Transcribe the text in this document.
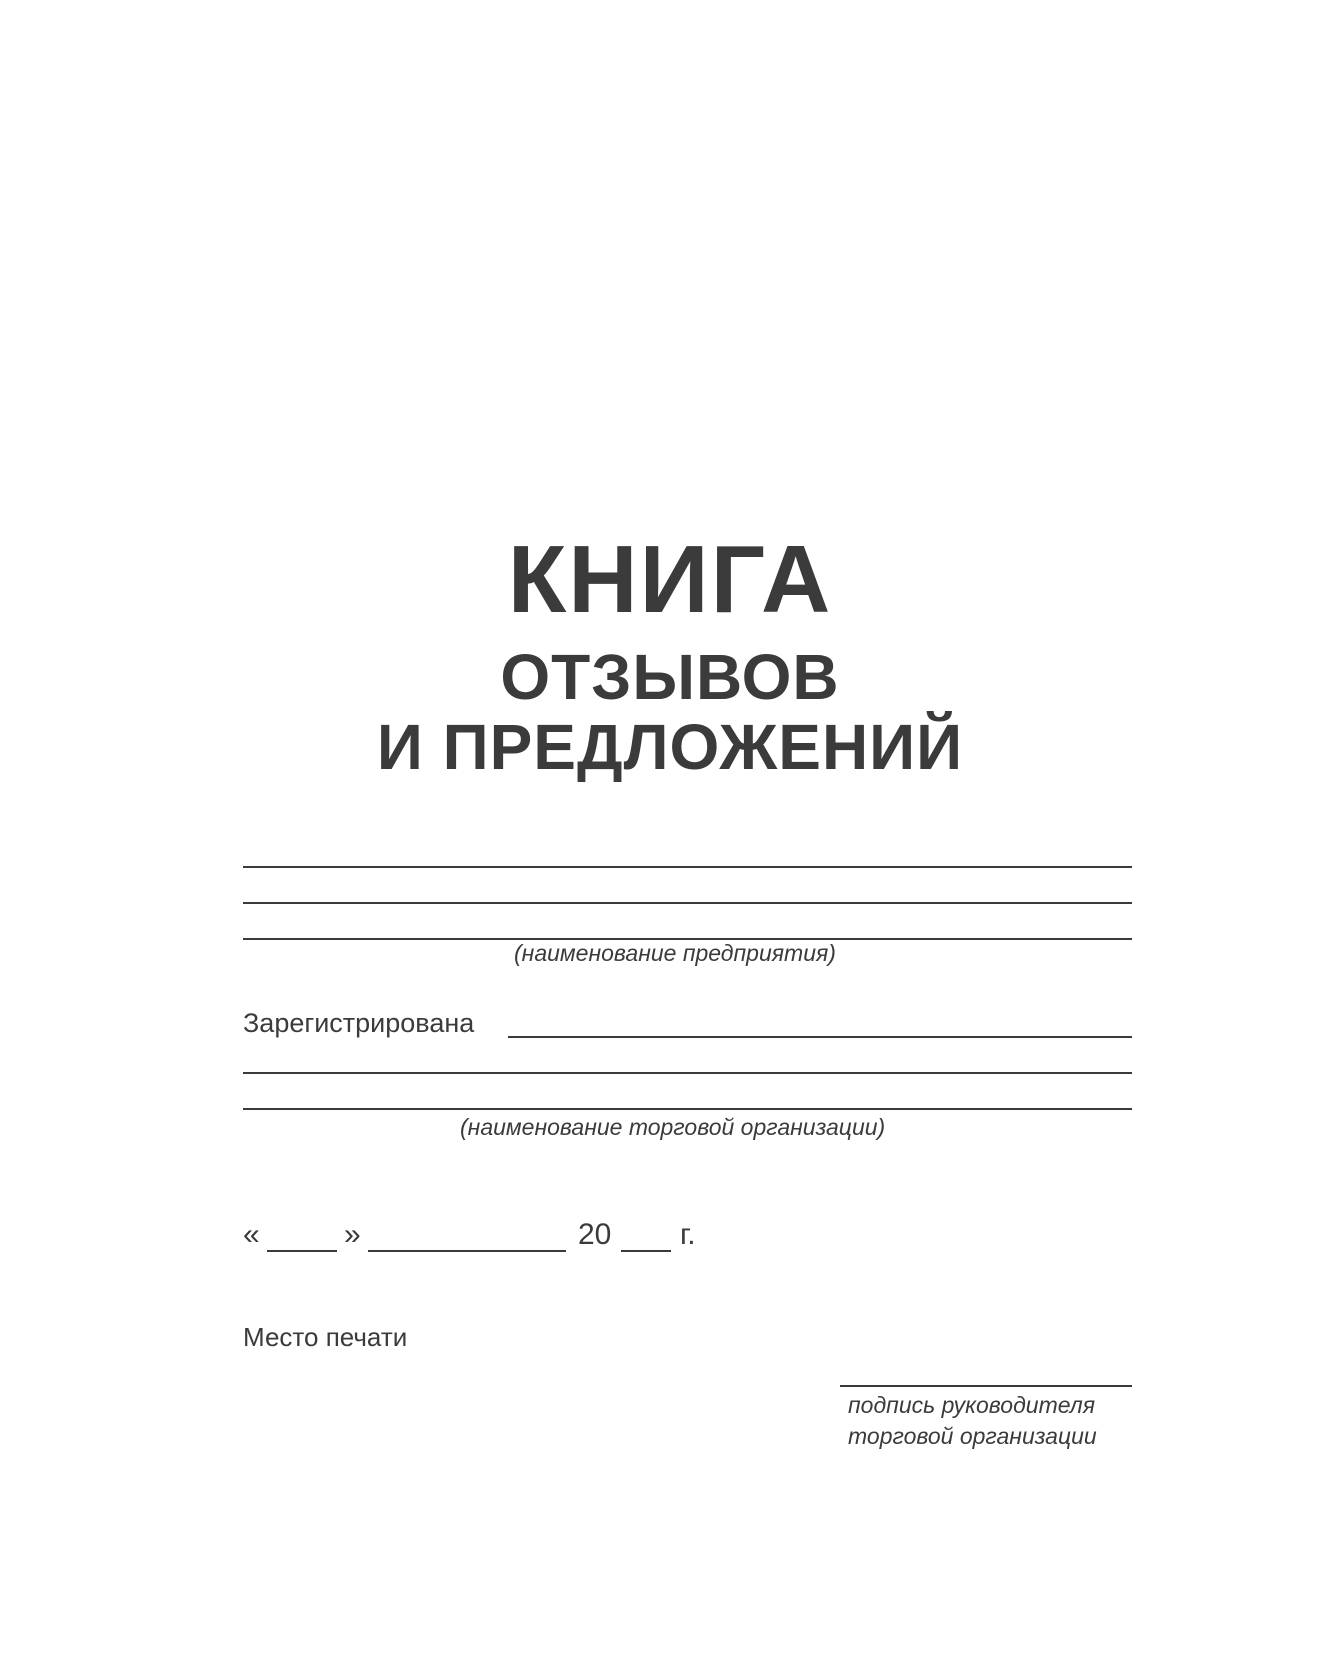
КНИГА
ОТЗЫВОВ
И ПРЕДЛОЖЕНИЙ
(наименование предприятия)
Зарегистрирована
(наименование торговой организации)
«	»	20 г.
Место печати
подпись руководителя
торговой организации
